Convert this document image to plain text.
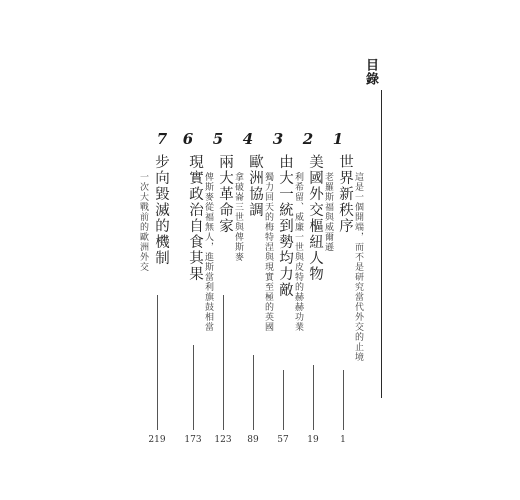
目錄
1
世界新秩序 這是一個開端，而不是研究當代外交的止境
1
2
美國外交樞紐人物 老羅斯福與威爾遜
19
3
由大一統到勢均力敵 利希留、威廉一世與皮特的赫赫功業
57
4
歐洲協調 獨力回天的梅特涅與現實至極的英國
89
5
兩大革命家 拿破崙三世與俾斯麥
123
6
現實政治自食其果 俾斯麥從褔無人，進斯當利旗鼓相當
173
7
步向毀滅的機制
一次大戰前的歐洲外交
219
